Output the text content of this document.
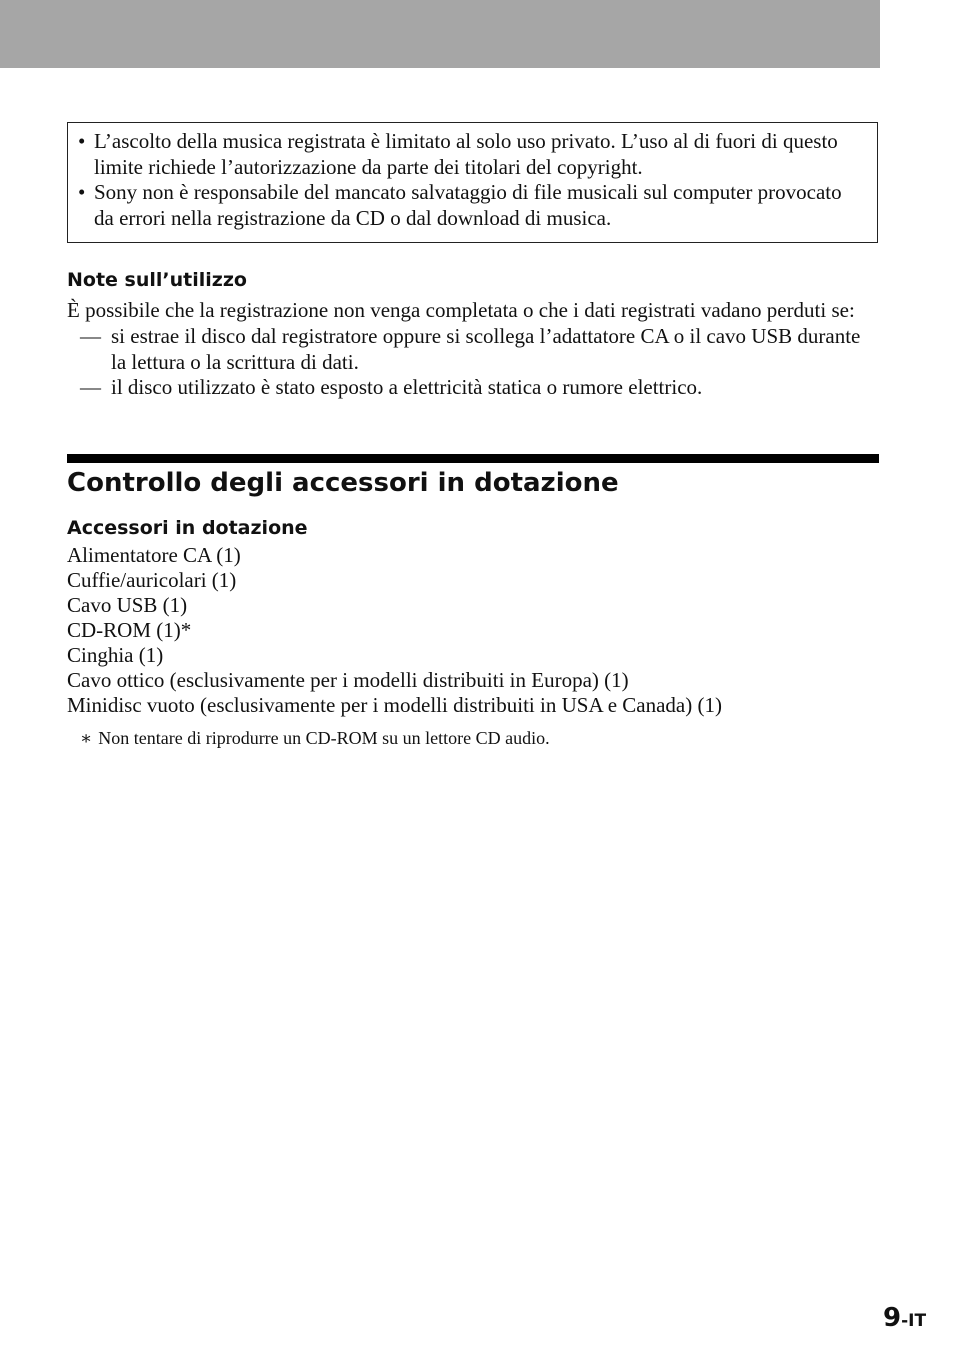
• L’ascolto della musica registrata è limitato al solo uso privato. L’uso al di fuori di questo limite richiede l’autorizzazione da parte dei titolari del copyright.
• Sony non è responsabile del mancato salvataggio di file musicali sul computer provocato da errori nella registrazione da CD o dal download di musica.
Note sull’utilizzo

È possibile che la registrazione non venga completata o che i dati registrati vadano perduti se:

— si estrae il disco dal registratore oppure si scollega l’adattatore CA o il cavo USB durante la lettura o la scrittura di dati.
— il disco utilizzato è stato esposto a elettricità statica o rumore elettrico.
Controllo degli accessori in dotazione
Accessori in dotazione
Alimentatore CA (1)
Cuffie/auricolari (1)
Cavo USB (1)
CD-ROM (1)*
Cinghia (1)
Cavo ottico (esclusivamente per i modelli distribuiti in Europa) (1)
Minidisc vuoto (esclusivamente per i modelli distribuiti in USA e Canada) (1)
∗ Non tentare di riprodurre un CD-ROM su un lettore CD audio.
9-IT
